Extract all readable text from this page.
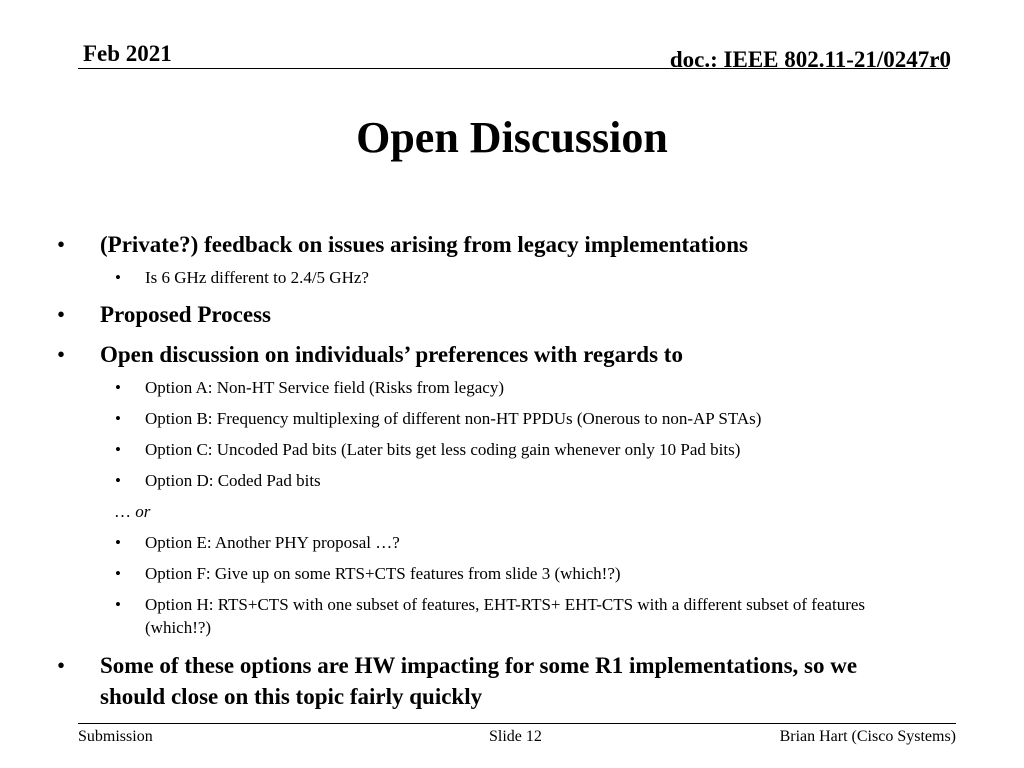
Feb 2021	doc.: IEEE 802.11-21/0247r0
Open Discussion
• (Private?) feedback on issues arising from legacy implementations
• Is 6 GHz different to 2.4/5 GHz?
• Proposed Process
• Open discussion on individuals’ preferences with regards to
• Option A: Non-HT Service field (Risks from legacy)
• Option B: Frequency multiplexing of different non-HT PPDUs (Onerous to non-AP STAs)
• Option C: Uncoded Pad bits (Later bits get less coding gain whenever only 10 Pad bits)
• Option D: Coded Pad bits
… or
• Option E: Another PHY proposal …?
• Option F: Give up on some RTS+CTS features from slide 3 (which!?)
• Option H: RTS+CTS with one subset of features, EHT-RTS+ EHT-CTS with a different subset of features (which!?)
• Some of these options are HW impacting for some R1 implementations, so we should close on this topic fairly quickly
Submission	Slide 12	Brian Hart (Cisco Systems)
